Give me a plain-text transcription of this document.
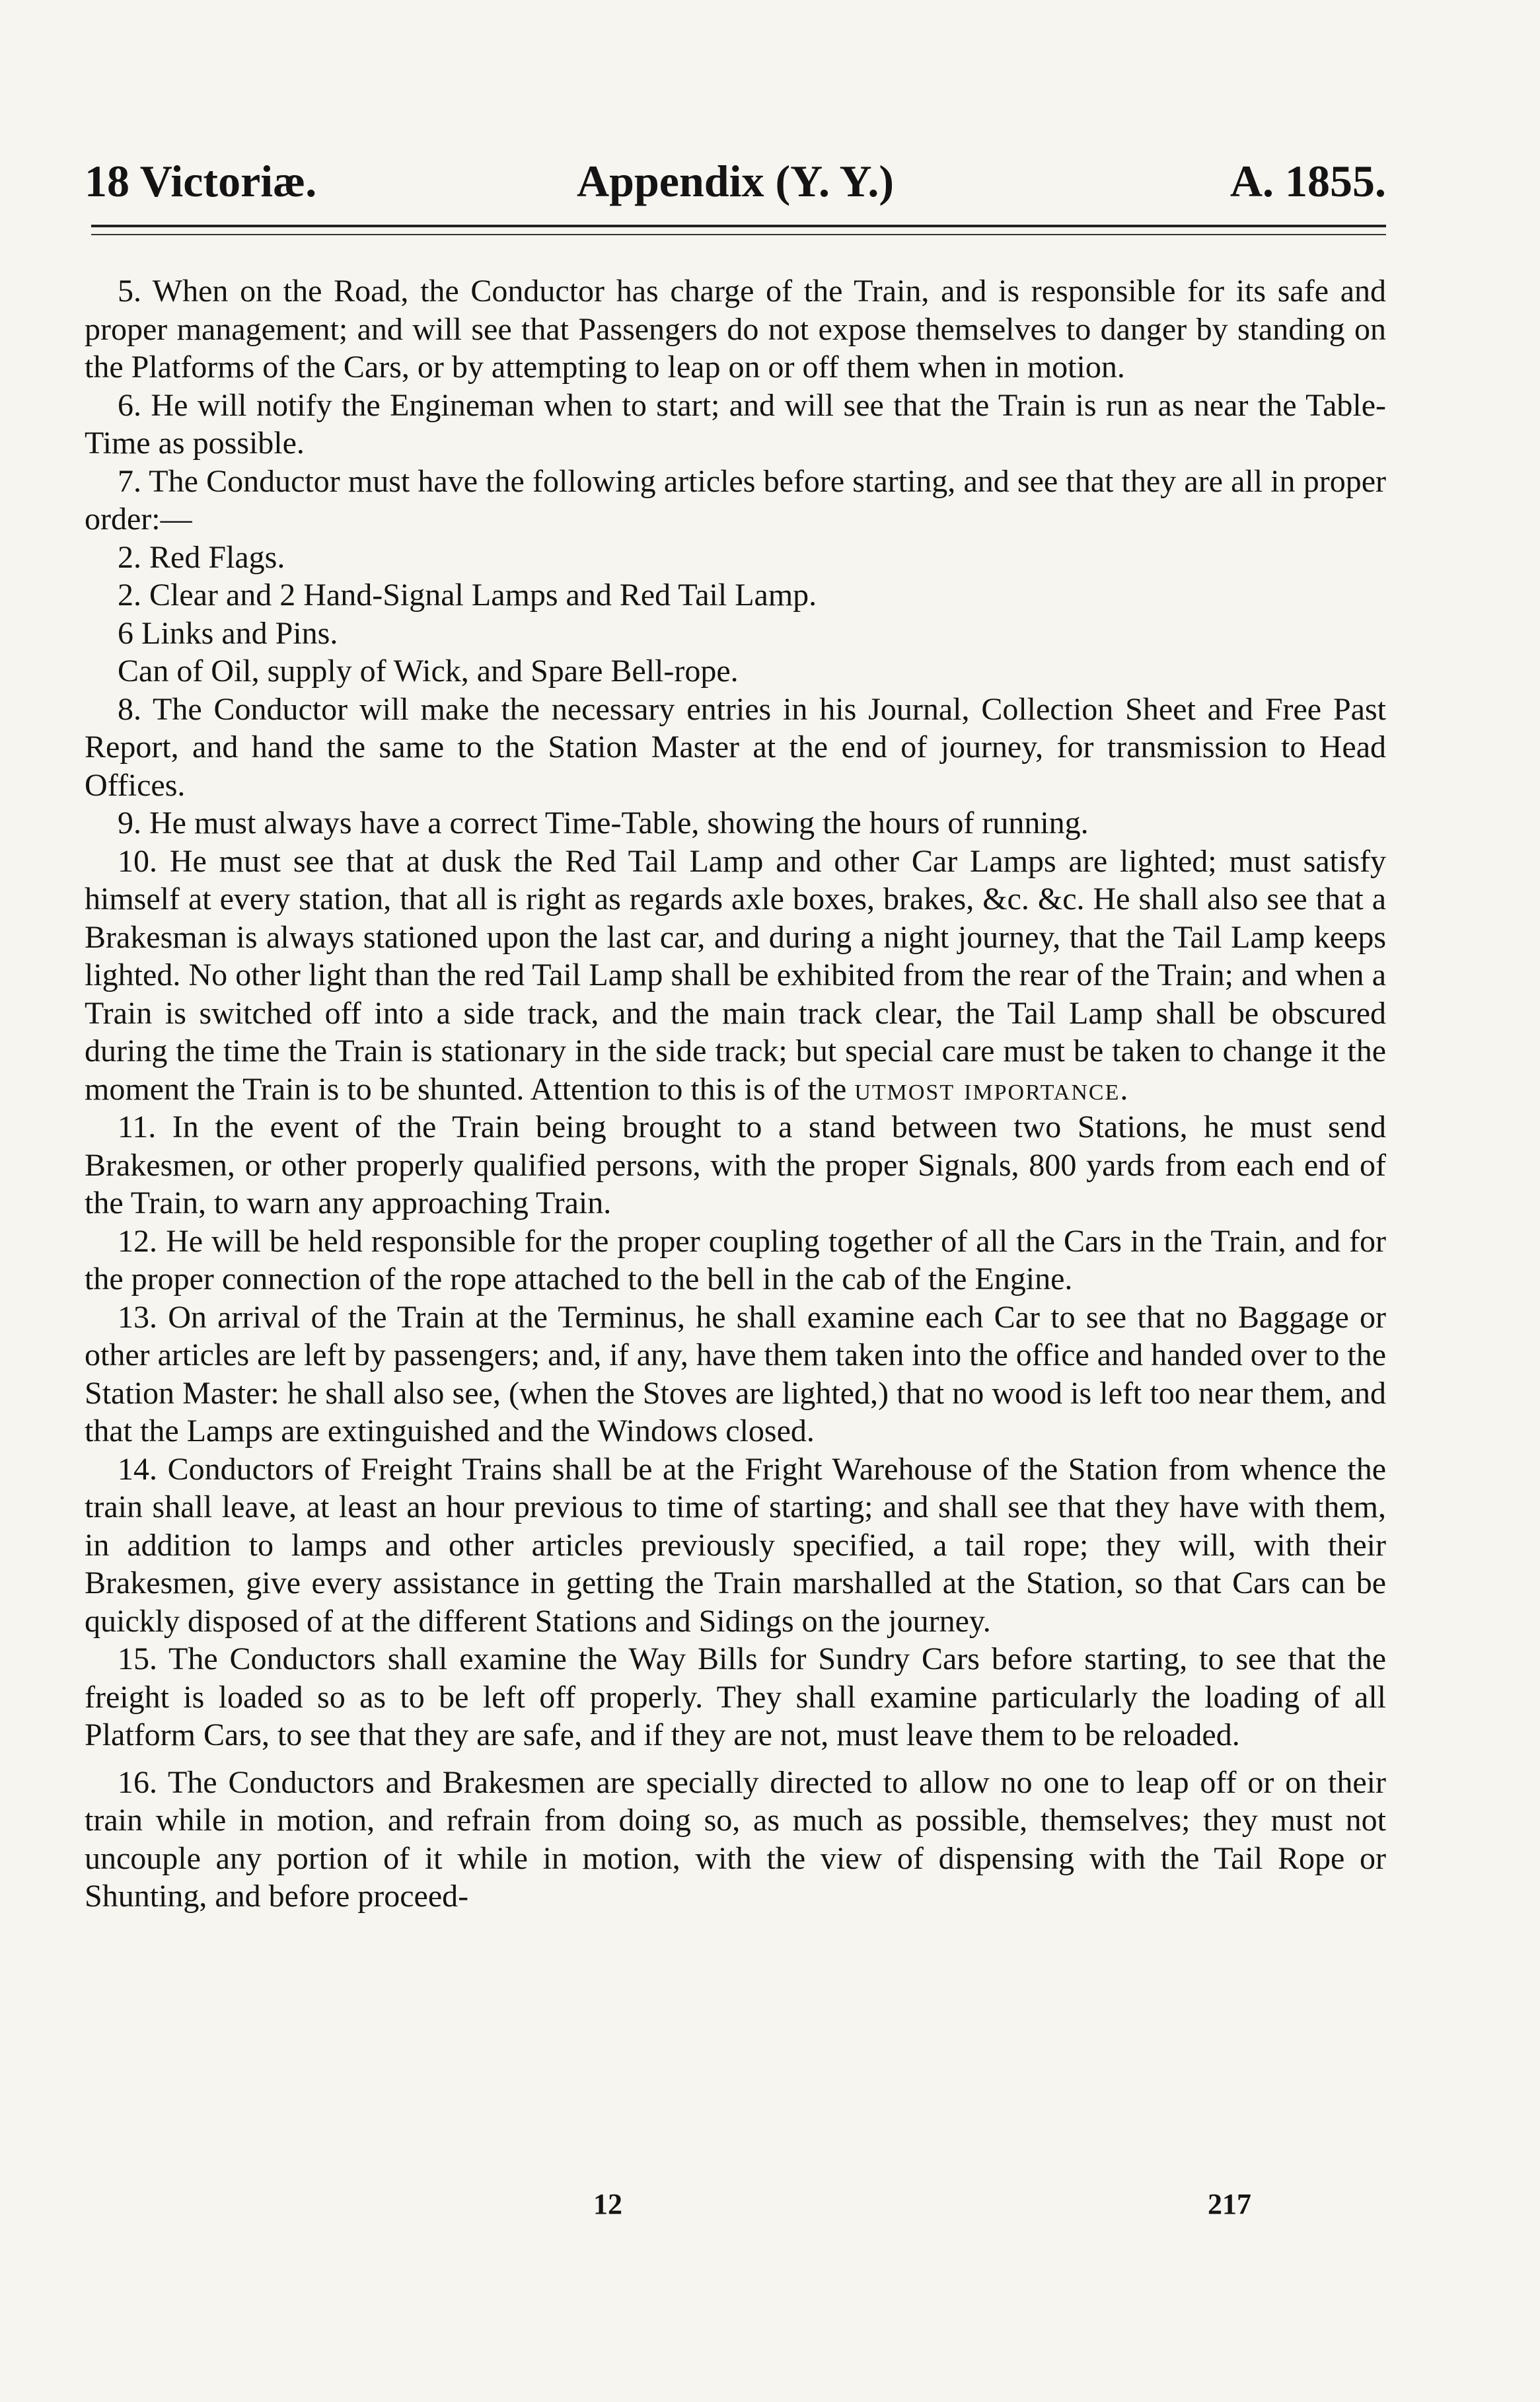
18 Victoriæ.	Appendix (Y. Y.)	A. 1855.

5. When on the Road, the Conductor has charge of the Train, and is responsible for its safe and proper management; and will see that Passengers do not expose themselves to danger by standing on the Platforms of the Cars, or by attempting to leap on or off them when in motion.

6. He will notify the Engineman when to start; and will see that the Train is run as near the Table-Time as possible.

7. The Conductor must have the following articles before starting, and see that they are all in proper order:—

2. Red Flags.

2. Clear and 2 Hand-Signal Lamps and Red Tail Lamp.

6 Links and Pins.

Can of Oil, supply of Wick, and Spare Bell-rope.

8. The Conductor will make the necessary entries in his Journal, Collection Sheet and Free Past Report, and hand the same to the Station Master at the end of journey, for transmission to Head Offices.

9. He must always have a correct Time-Table, showing the hours of running.

10. He must see that at dusk the Red Tail Lamp and other Car Lamps are lighted; must satisfy himself at every station, that all is right as regards axle boxes, brakes, &c. &c. He shall also see that a Brakesman is always stationed upon the last car, and during a night journey, that the Tail Lamp keeps lighted. No other light than the red Tail Lamp shall be exhibited from the rear of the Train; and when a Train is switched off into a side track, and the main track clear, the Tail Lamp shall be obscured during the time the Train is stationary in the side track; but special care must be taken to change it the moment the Train is to be shunted. Attention to this is of the utmost importance.

11. In the event of the Train being brought to a stand between two Stations, he must send Brakesmen, or other properly qualified persons, with the proper Signals, 800 yards from each end of the Train, to warn any approaching Train.

12. He will be held responsible for the proper coupling together of all the Cars in the Train, and for the proper connection of the rope attached to the bell in the cab of the Engine.

13. On arrival of the Train at the Terminus, he shall examine each Car to see that no Baggage or other articles are left by passengers; and, if any, have them taken into the office and handed over to the Station Master: he shall also see, (when the Stoves are lighted,) that no wood is left too near them, and that the Lamps are extinguished and the Windows closed.

14. Conductors of Freight Trains shall be at the Fright Warehouse of the Station from whence the train shall leave, at least an hour previous to time of starting; and shall see that they have with them, in addition to lamps and other articles previously specified, a tail rope; they will, with their Brakesmen, give every assistance in getting the Train marshalled at the Station, so that Cars can be quickly disposed of at the different Stations and Sidings on the journey.

15. The Conductors shall examine the Way Bills for Sundry Cars before starting, to see that the freight is loaded so as to be left off properly. They shall examine particularly the loading of all Platform Cars, to see that they are safe, and if they are not, must leave them to be reloaded.

16. The Conductors and Brakesmen are specially directed to allow no one to leap off or on their train while in motion, and refrain from doing so, as much as possible, themselves; they must not uncouple any portion of it while in motion, with the view of dispensing with the Tail Rope or Shunting, and before proceed-

12	217
